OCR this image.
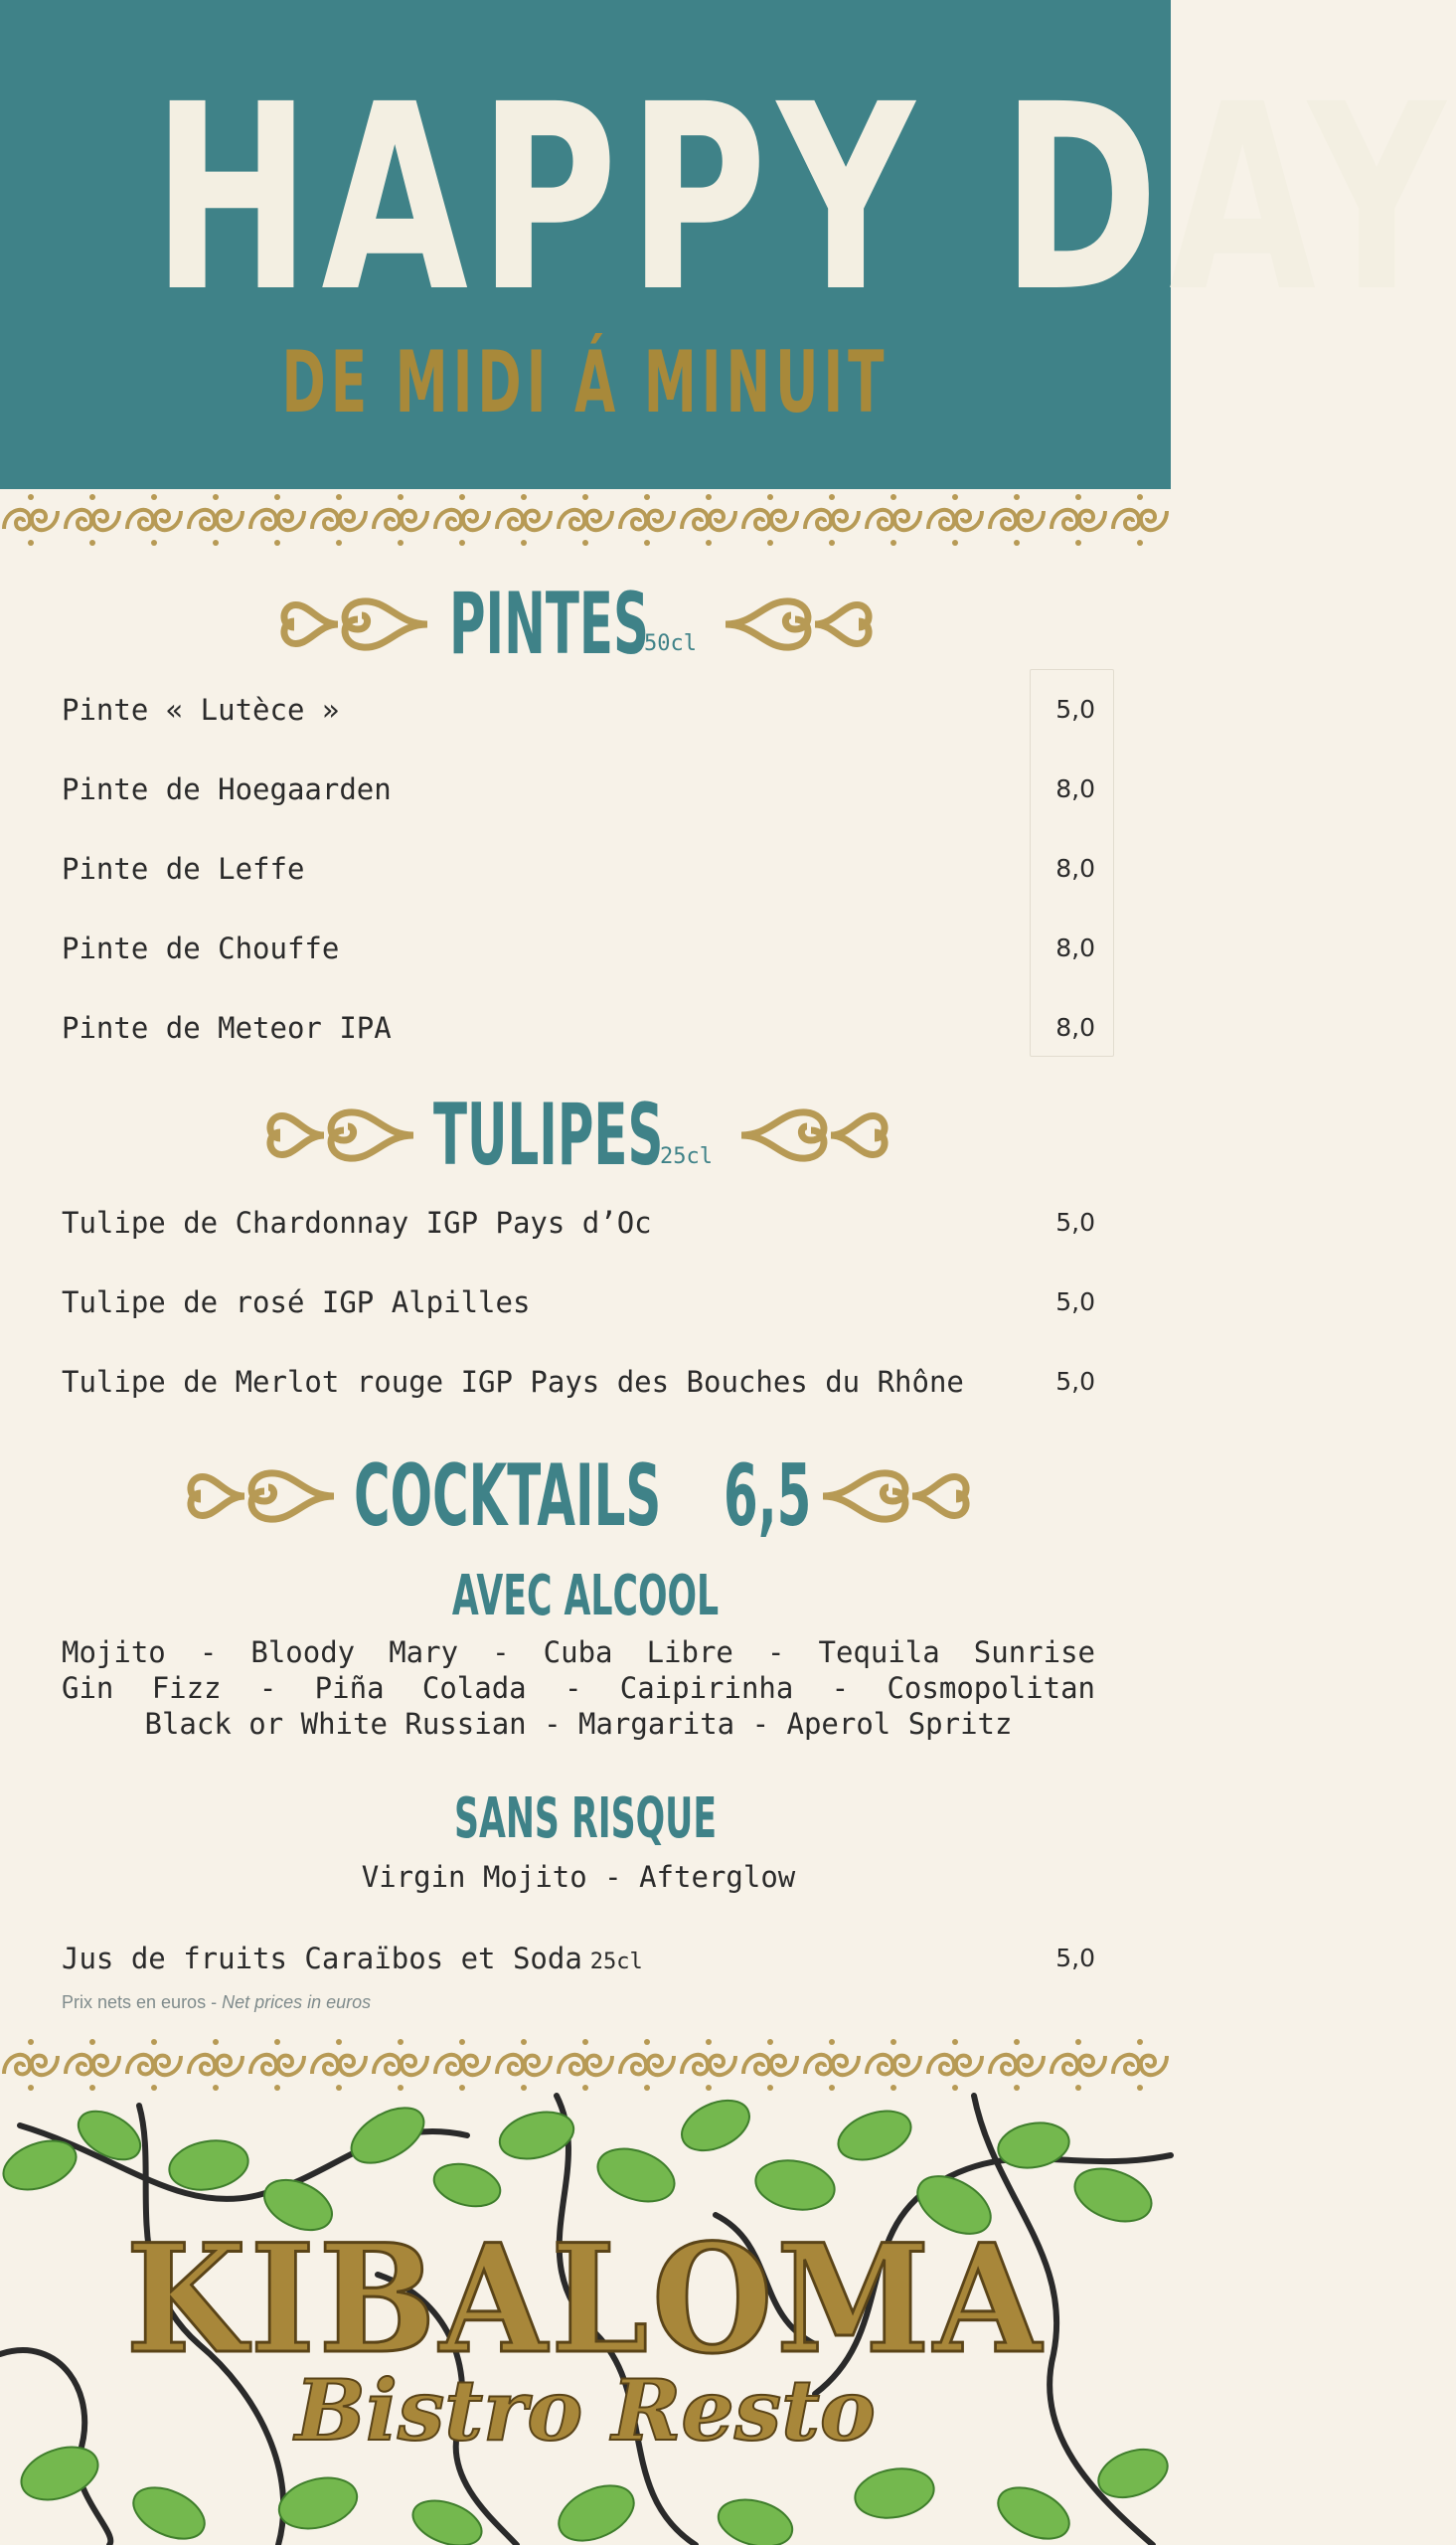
HAPPY DAY
DE MIDI Á MINUIT
PINTES
50cl
Pinte « Lutèce »	5,0
Pinte de Hoegaarden	8,0
Pinte de Leffe	8,0
Pinte de Chouffe	8,0
Pinte de Meteor IPA	8,0
TULIPES
25cl
Tulipe de Chardonnay IGP Pays d’Oc	5,0
Tulipe de rosé IGP Alpilles	5,0
Tulipe de Merlot rouge IGP Pays des Bouches du Rhône	5,0
COCKTAILS 6,5
AVEC ALCOOL
Mojito - Bloody Mary - Cuba Libre - Tequila Sunrise
Gin Fizz - Piña Colada - Caipirinha - Cosmopolitan
Black or White Russian - Margarita - Aperol Spritz
SANS RISQUE
Virgin Mojito - Afterglow
Jus de fruits Caraïbos et Soda 25cl	5,0
Prix nets en euros - Net prices in euros
KIBALOMA
Bistro Resto
